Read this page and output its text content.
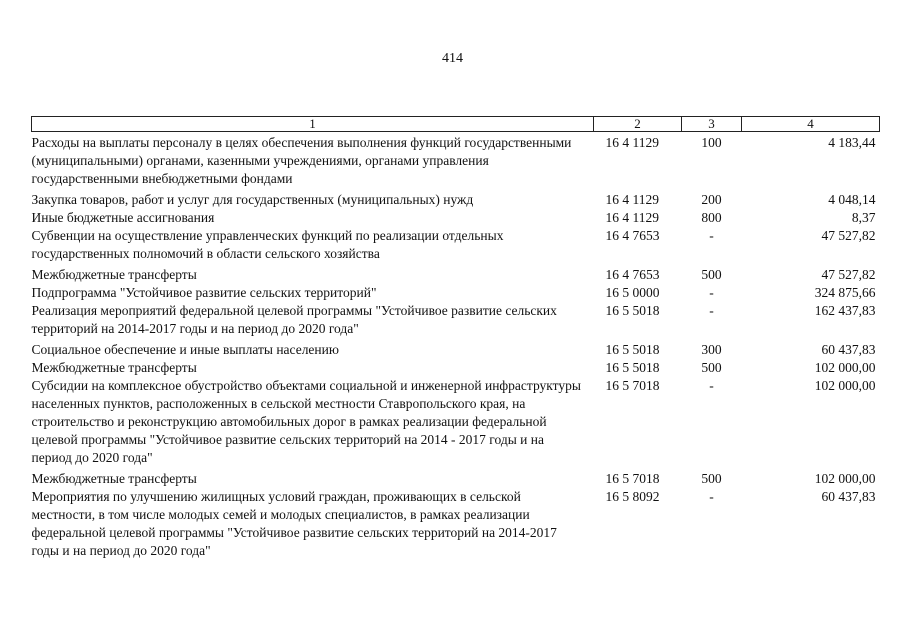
414
1	2	3	4
Расходы на выплаты персоналу в целях обеспечения выполнения функций государственными (муниципальными) органами, казенными учреждениями, органами управления государственными внебюджетными фондами	16 4 1129	100	4 183,44
Закупка товаров, работ и услуг для государственных (муниципальных) нужд	16 4 1129	200	4 048,14
Иные бюджетные ассигнования	16 4 1129	800	8,37
Субвенции на осуществление управленческих функций по реализации отдельных государственных полномочий в области сельского хозяйства	16 4 7653	-	47 527,82
Межбюджетные трансферты	16 4 7653	500	47 527,82
Подпрограмма "Устойчивое развитие сельских территорий"	16 5 0000	-	324 875,66
Реализация мероприятий федеральной целевой программы "Устойчивое развитие сельских территорий на 2014-2017 годы и на период до 2020 года"	16 5 5018	-	162 437,83
Социальное обеспечение и иные выплаты населению	16 5 5018	300	60 437,83
Межбюджетные трансферты	16 5 5018	500	102 000,00
Субсидии на комплексное обустройство объектами социальной и инженерной инфраструктуры населенных пунктов, расположенных в сельской местности Ставропольского края, на строительство и реконструкцию автомобильных дорог в рамках реализации федеральной целевой программы "Устойчивое развитие сельских территорий на 2014 - 2017 годы и на период до 2020 года"	16 5 7018	-	102 000,00
Межбюджетные трансферты	16 5 7018	500	102 000,00
Мероприятия по улучшению жилищных условий граждан, проживающих в сельской местности, в том числе молодых семей и молодых специалистов, в рамках реализации федеральной целевой программы "Устойчивое развитие сельских территорий на 2014-2017 годы и на период до 2020 года"	16 5 8092	-	60 437,83
